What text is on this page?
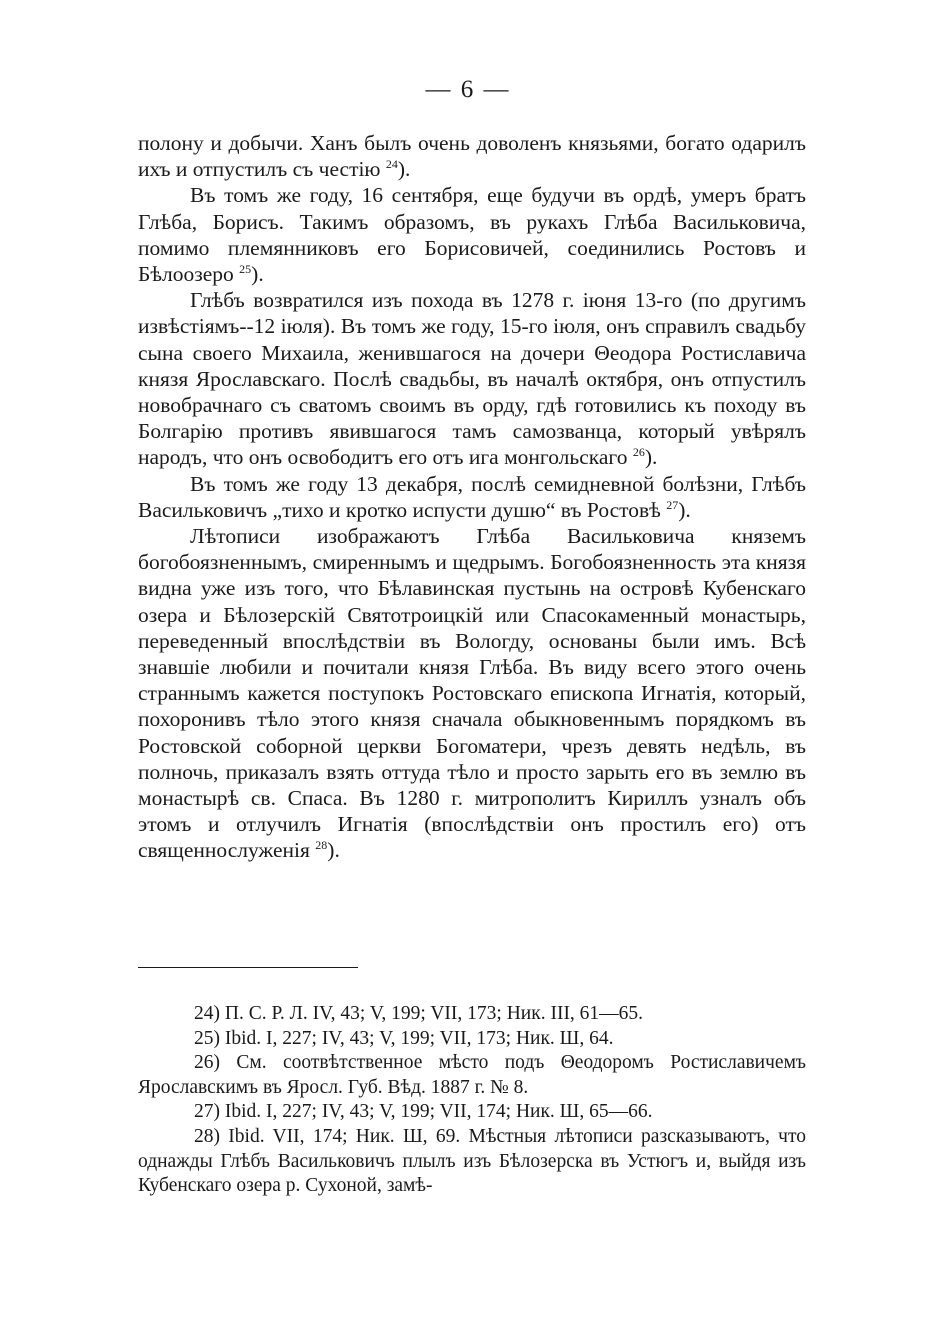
— 6 —

полону и добычи. Ханъ былъ очень доволенъ князьями, богато одарилъ ихъ и отпустилъ съ честiю $^{24}$).

Въ томъ же году, 16 сентября, еще будучи въ ордѣ, умеръ братъ Глѣба, Борисъ. Такимъ образомъ, въ рукахъ Глѣба Васильковича, помимо племянниковъ его Борисовичей, соединились Ростовъ и Бѣлоозеро $^{25}$).

Глѣбъ возвратился изъ похода въ 1278 г. iюня 13-го (по другимъ извѣстiямъ--12 iюля). Въ томъ же году, 15-го iюля, онъ справилъ свадьбу сына своего Михаила, женившагося на дочери Θеодора Ростиславича князя Ярославскаго. Послѣ свадьбы, въ началѣ октября, онъ отпустилъ новобрачнаго съ сватомъ своимъ въ орду, гдѣ готовились къ походу въ Болгарiю противъ явившагося тамъ самозванца, который увѣрялъ народъ, что онъ освободитъ его отъ ига монгольскаго $^{26}$).

Въ томъ же году 13 декабря, послѣ семидневной болѣзни, Глѣбъ Васильковичъ „тихо и кротко испусти душю“ въ Ростовѣ $^{27}$).

Лѣтописи изображаютъ Глѣба Васильковича княземъ богобоязненнымъ, смиреннымъ и щедрымъ. Богобоязненность эта князя видна уже изъ того, что Бѣлавинская пустынь на островѣ Кубенскаго озера и Бѣлозерскiй Святотроицкiй или Спасокаменный монастырь, переведенный впослѣдствiи въ Вологду, основаны были имъ. Всѣ знавшiе любили и почитали князя Глѣба. Въ виду всего этого очень страннымъ кажется поступокъ Ростовскаго епископа Игнатiя, который, похоронивъ тѣло этого князя сначала обыкновеннымъ порядкомъ въ Ростовской соборной церкви Богоматери, чрезъ девять недѣль, въ полночь, приказалъ взять оттуда тѣло и просто зарыть его въ землю въ монастырѣ св. Спаса. Въ 1280 г. митрополитъ Кириллъ узналъ объ этомъ и отлучилъ Игнатiя (впослѣдствiи онъ простилъ его) отъ священнослуженiя $^{28}$).

24) П. С. Р. Л. IV, 43; V, 199; VII, 173; Ник. III, 61—65.

25) Ibid. I, 227; IV, 43; V, 199; VII, 173; Ник. Ш, 64.

26) См. соотвѣтственное мѣсто подъ Θеодоромъ Ростиславичемъ Ярославскимъ въ Яросл. Губ. Вѣд. 1887 г. № 8.

27) Ibid. I, 227; IV, 43; V, 199; VII, 174; Ник. Ш, 65—66.

28) Ibid. VII, 174; Ник. Ш, 69. Мѣстныя лѣтописи разсказываютъ, что однажды Глѣбъ Васильковичъ плылъ изъ Бѣлозерска въ Устюгъ и, выйдя изъ Кубенскаго озера р. Сухоной, замѣ-
